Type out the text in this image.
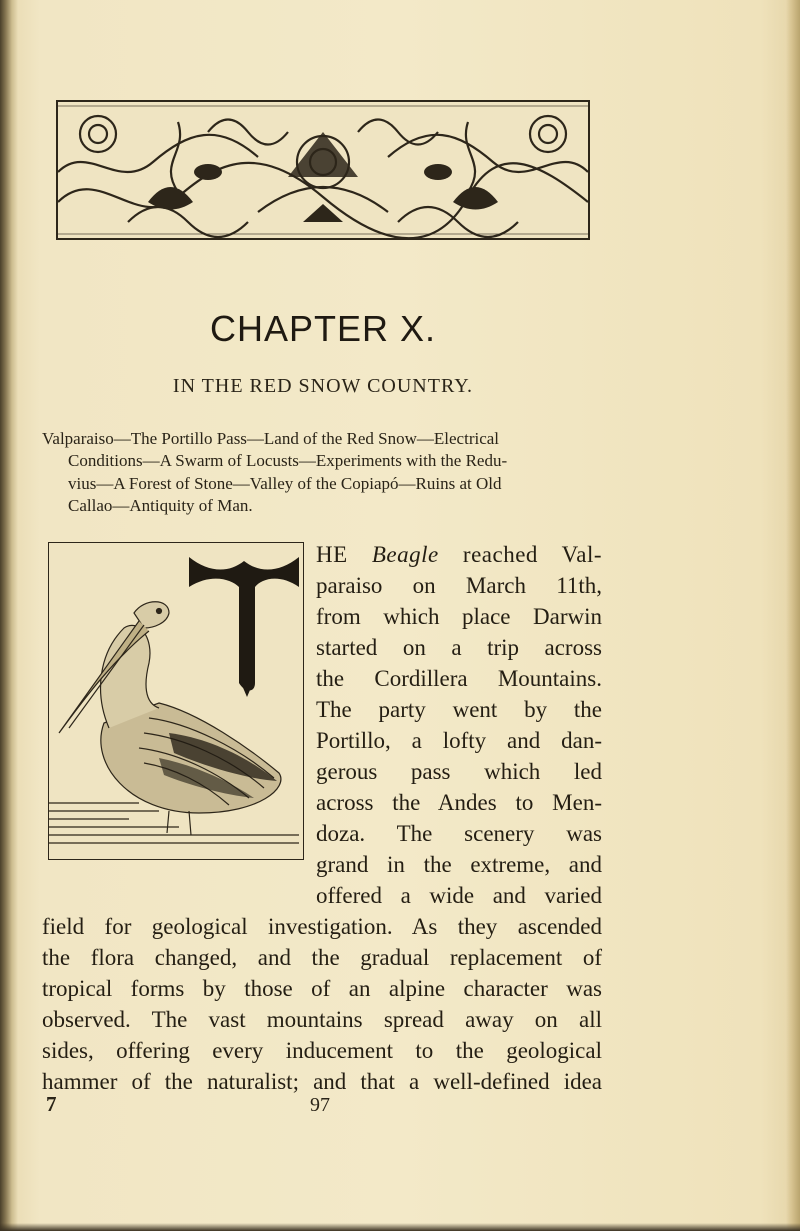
CHAPTER X.
IN THE RED SNOW COUNTRY.
Valparaiso—The Portillo Pass—Land of the Red Snow—Electrical
Conditions—A Swarm of Locusts—Experiments with the Redu-
vius—A Forest of Stone—Valley of the Copiapó—Ruins at Old
Callao—Antiquity of Man.
T
HE Beagle reached Val-
paraiso on March 11th,
from which place Darwin
started on a trip across
the Cordillera Mountains.
The party went by the
Portillo, a lofty and dan-
gerous pass which led
across the Andes to Men-
doza. The scenery was
grand in the extreme, and
offered a wide and varied
field for geological investigation. As they ascended
the flora changed, and the gradual replacement of
tropical forms by those of an alpine character was
observed. The vast mountains spread away on all
sides, offering every inducement to the geological
hammer of the naturalist; and that a well-defined idea
7	97
